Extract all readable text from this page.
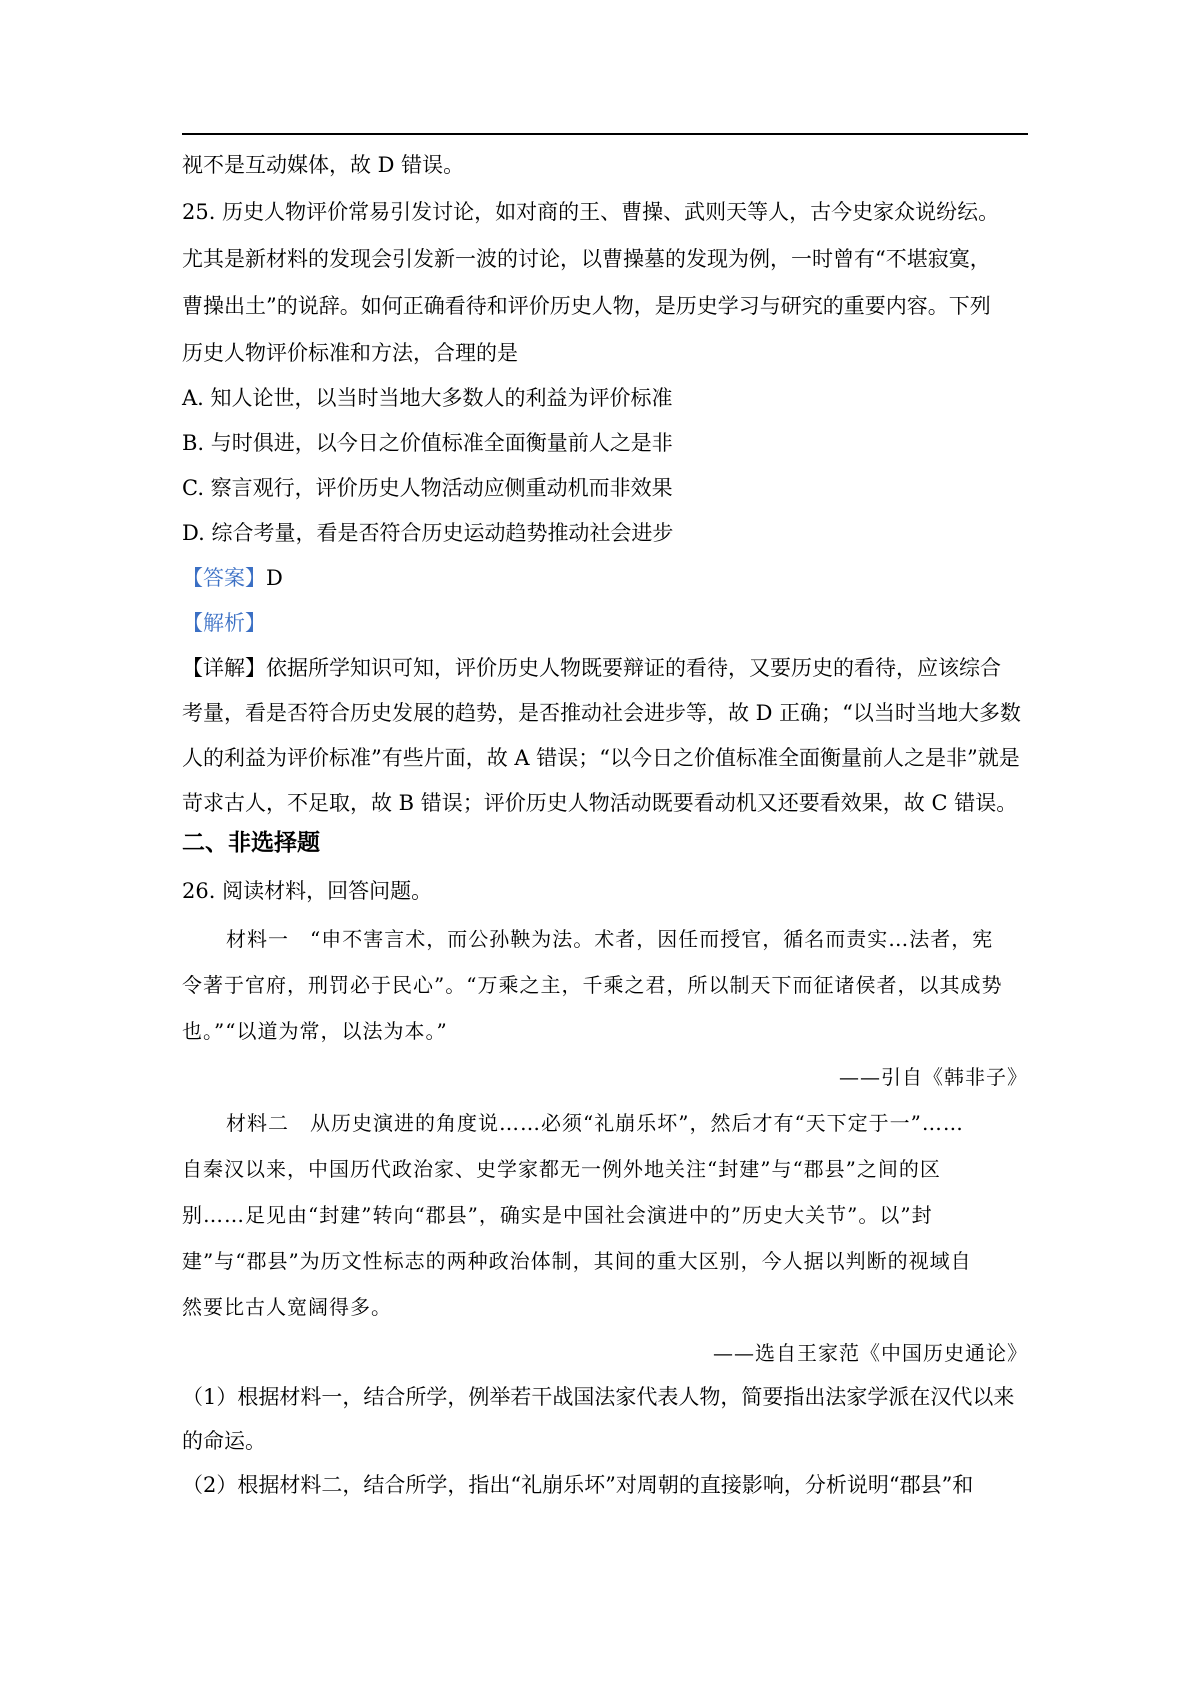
视不是互动媒体，故 D 错误。

25. 历史人物评价常易引发讨论，如对商的王、曹操、武则天等人，古今史家众说纷纭。

尤其是新材料的发现会引发新一波的讨论，以曹操墓的发现为例，一时曾有“不堪寂寞，

曹操出土”的说辞。如何正确看待和评价历史人物，是历史学习与研究的重要内容。下列

历史人物评价标准和方法，合理的是

A. 知人论世，以当时当地大多数人的利益为评价标准

B. 与时俱进，以今日之价值标准全面衡量前人之是非

C. 察言观行，评价历史人物活动应侧重动机而非效果

D. 综合考量，看是否符合历史运动趋势推动社会进步

【答案】D

【解析】

【详解】依据所学知识可知，评价历史人物既要辩证的看待，又要历史的看待，应该综合

考量，看是否符合历史发展的趋势，是否推动社会进步等，故 D 正确；“以当时当地大多数

人的利益为评价标准”有些片面，故 A 错误；“以今日之价值标准全面衡量前人之是非”就是

苛求古人，不足取，故 B 错误；评价历史人物活动既要看动机又还要看效果，故 C 错误。

二、非选择题

26. 阅读材料，回答问题。

材料一　“申不害言术，而公孙鞅为法。术者，因任而授官，循名而责实…法者，宪

令著于官府，刑罚必于民心”。“万乘之主，千乘之君，所以制天下而征诸侯者，以其成势

也。”“以道为常，以法为本。”

——引自《韩非子》

材料二　从历史演进的角度说……必须“礼崩乐坏”，然后才有“天下定于一”……

自秦汉以来，中国历代政治家、史学家都无一例外地关注“封建”与“郡县”之间的区

别……足见由“封建”转向“郡县”，确实是中国社会演进中的”历史大关节”。以”封

建”与“郡县”为历文性标志的两种政治体制，其间的重大区别，今人据以判断的视域自

然要比古人宽阔得多。

——选自王家范《中国历史通论》

（1）根据材料一，结合所学，例举若干战国法家代表人物，简要指出法家学派在汉代以来

的命运。

（2）根据材料二，结合所学，指出“礼崩乐坏”对周朝的直接影响，分析说明“郡县”和
